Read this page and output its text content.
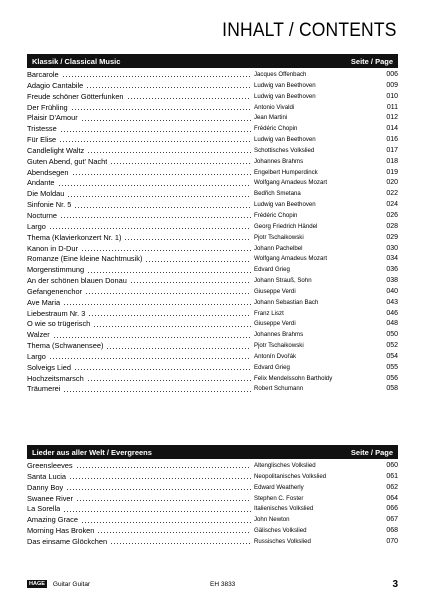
INHALT / CONTENTS
Klassik / Classical Music	Seite / Page
Barcarole	Jacques Offenbach	006
Adagio Cantabile	Ludwig van Beethoven	009
Freude schöner Götterfunken	Ludwig van Beethoven	010
Der Frühling	Antonio Vivaldi	011
Plaisir D'Amour	Jean Martini	012
Tristesse	Frédéric Chopin	014
Für Elise	Ludwig van Beethoven	016
Candlelight Waltz	Schottisches Volkslied	017
Guten Abend, gut' Nacht	Johannes Brahms	018
Abendsegen	Engelbert Humperdinck	019
Andante	Wolfgang Amadeus Mozart	020
Die Moldau	Bedřich Smetana	022
Sinfonie Nr. 5	Ludwig van Beethoven	024
Nocturne	Frédéric Chopin	026
Largo	Georg Friedrich Händel	028
Thema (Klavierkonzert Nr. 1)	Pjotr Tschaikowski	029
Kanon in D-Dur	Johann Pachelbel	030
Romanze (Eine kleine Nachtmusik)	Wolfgang Amadeus Mozart	034
Morgenstimmung	Edvard Grieg	036
An der schönen blauen Donau	Johann Strauß, Sohn	038
Gefangenenchor	Giuseppe Verdi	040
Ave Maria	Johann Sebastian Bach	043
Liebestraum Nr. 3	Franz Liszt	046
O wie so trügerisch	Giuseppe Verdi	048
Walzer	Johannes Brahms	050
Thema (Schwanensee)	Pjotr Tschaikowski	052
Largo	Antonín Dvořák	054
Solveigs Lied	Edvard Grieg	055
Hochzeitsmarsch	Felix Mendelssohn Bartholdy	056
Träumerei	Robert Schumann	058
Lieder aus aller Welt / Evergreens	Seite / Page
Greensleeves	Altenglisches Volkslied	060
Santa Lucia	Neopolitanisches Volkslied	061
Danny Boy	Edward Weatherly	062
Swanee River	Stephen C. Foster	064
La Sorella	Italienisches Volkslied	066
Amazing Grace	John Newton	067
Morning Has Broken	Gälisches Volkslied	068
Das einsame Glöckchen	Russisches Volkslied	070
HAGE	Guitar Guitar	EH 3833	3
